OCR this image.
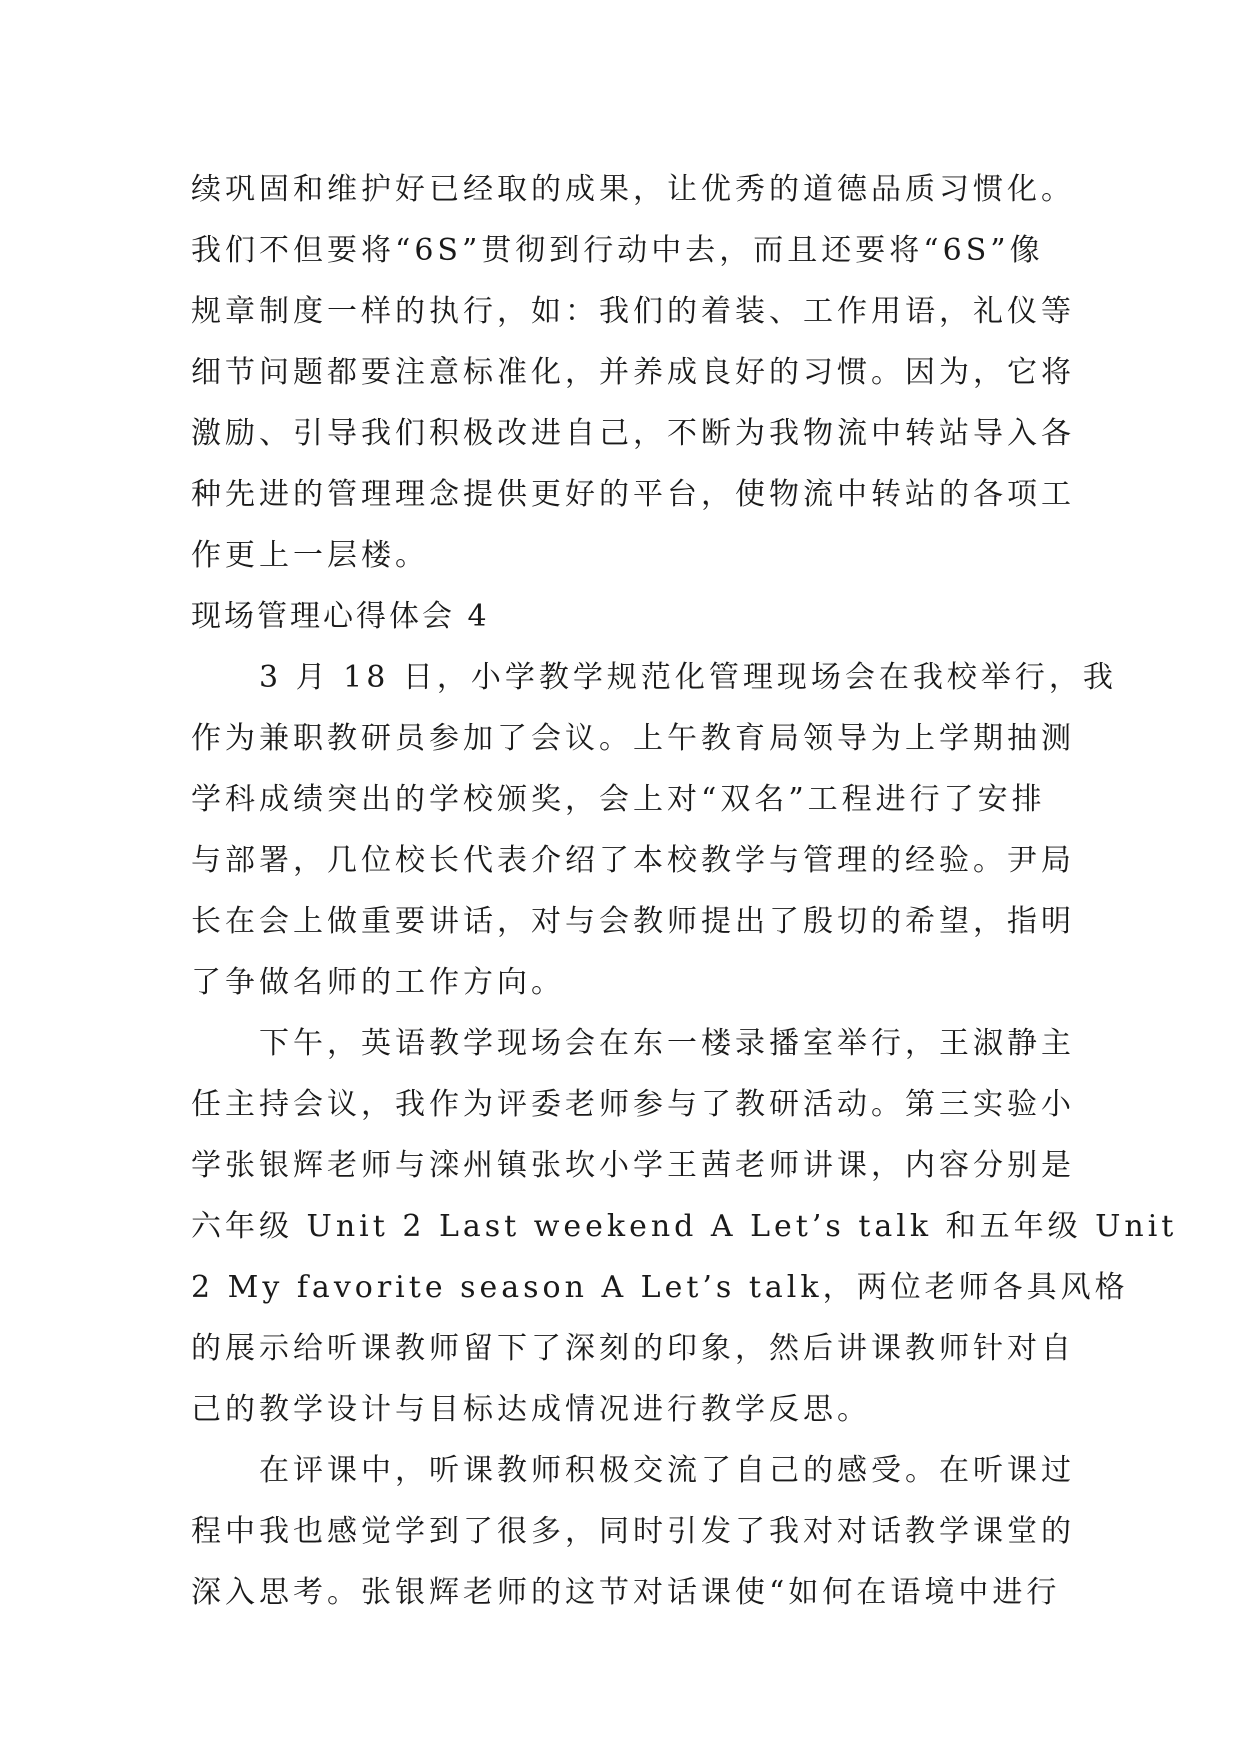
续巩固和维护好已经取的成果，让优秀的道德品质习惯化。
我们不但要将“6S”贯彻到行动中去，而且还要将“6S”像
规章制度一样的执行，如：我们的着装、工作用语，礼仪等
细节问题都要注意标准化，并养成良好的习惯。因为，它将
激励、引导我们积极改进自己，不断为我物流中转站导入各
种先进的管理理念提供更好的平台，使物流中转站的各项工
作更上一层楼。
现场管理心得体会 4
3 月 18 日，小学教学规范化管理现场会在我校举行，我
作为兼职教研员参加了会议。上午教育局领导为上学期抽测
学科成绩突出的学校颁奖，会上对“双名”工程进行了安排
与部署，几位校长代表介绍了本校教学与管理的经验。尹局
长在会上做重要讲话，对与会教师提出了殷切的希望，指明
了争做名师的工作方向。
下午，英语教学现场会在东一楼录播室举行，王淑静主
任主持会议，我作为评委老师参与了教研活动。第三实验小
学张银辉老师与滦州镇张坎小学王茜老师讲课，内容分别是
六年级 Unit 2 Last weekend A Let’s talk 和五年级 Unit
2 My favorite season A Let’s talk，两位老师各具风格
的展示给听课教师留下了深刻的印象，然后讲课教师针对自
己的教学设计与目标达成情况进行教学反思。
在评课中，听课教师积极交流了自己的感受。在听课过
程中我也感觉学到了很多，同时引发了我对对话教学课堂的
深入思考。张银辉老师的这节对话课使“如何在语境中进行
